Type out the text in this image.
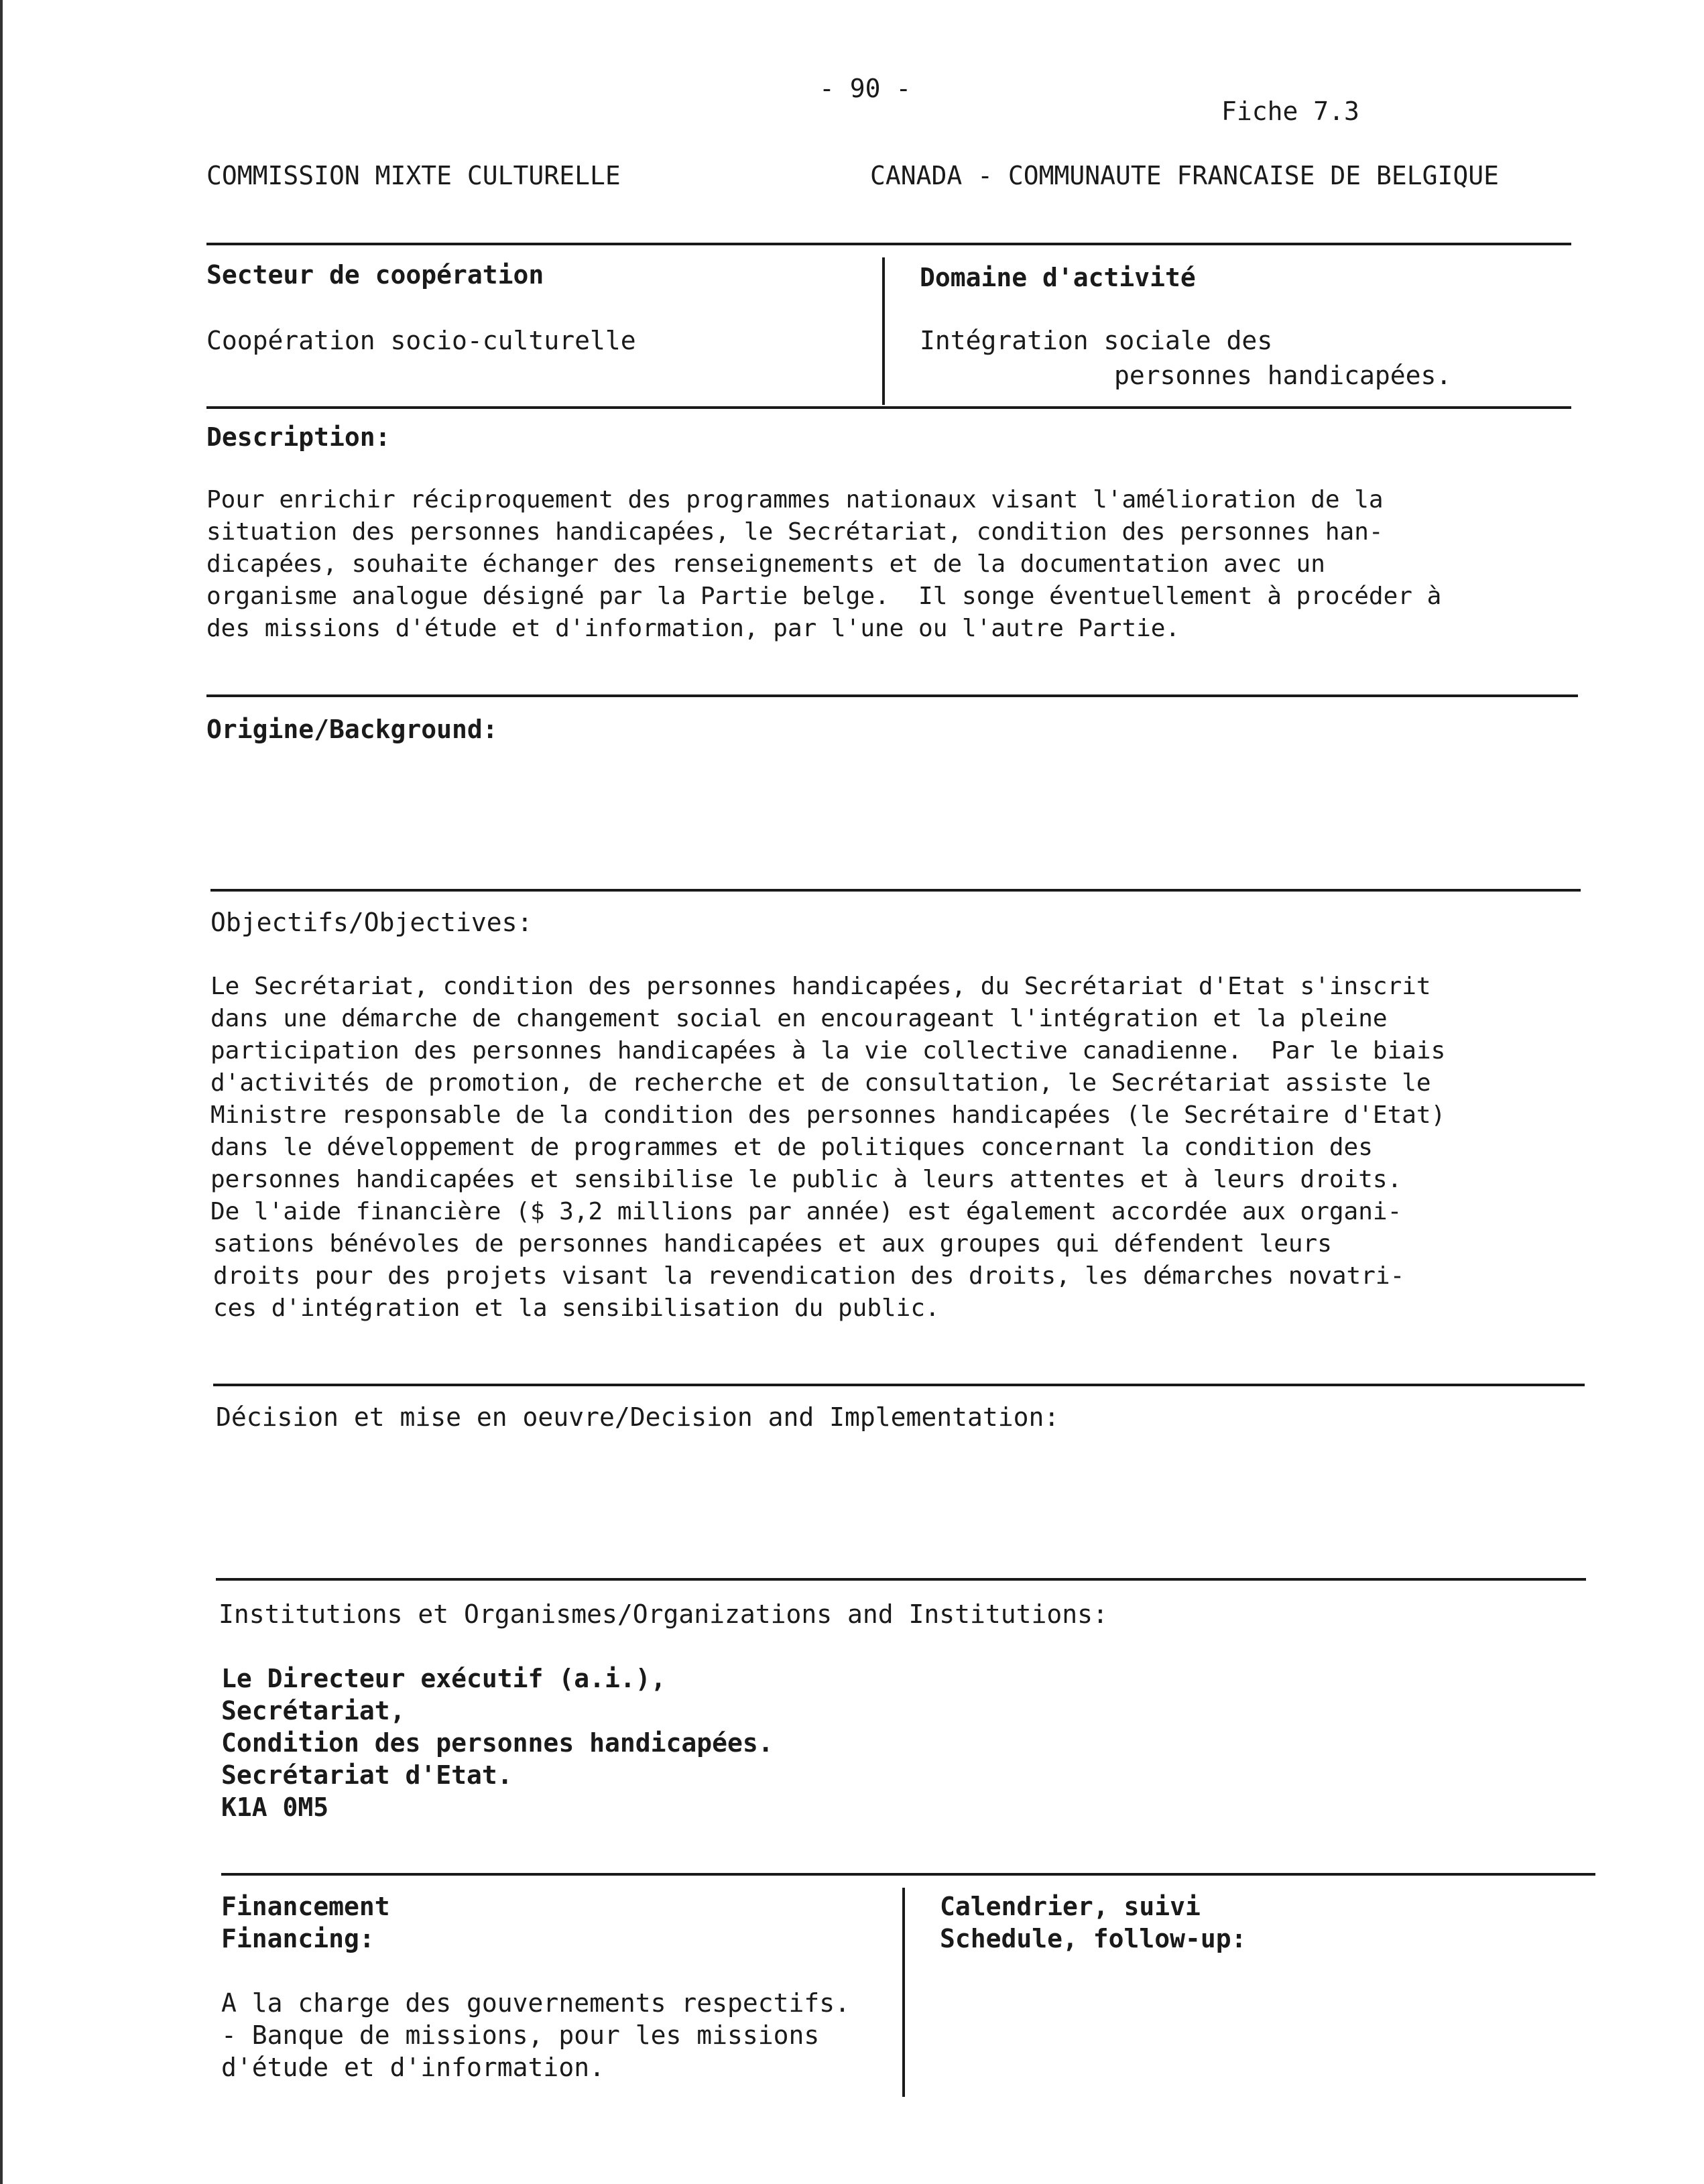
- 90 -
Fiche 7.3
COMMISSION MIXTE CULTURELLE	CANADA - COMMUNAUTE FRANCAISE DE BELGIQUE
Secteur de coopération
Coopération socio-culturelle
Domaine d'activité
Intégration sociale des
personnes handicapées.
Description:
Pour enrichir réciproquement des programmes nationaux visant l'amélioration de la
situation des personnes handicapées, le Secrétariat, condition des personnes han-
dicapées, souhaite échanger des renseignements et de la documentation avec un
organisme analogue désigné par la Partie belge.  Il songe éventuellement à procéder à
des missions d'étude et d'information, par l'une ou l'autre Partie.
Origine/Background:
Objectifs/Objectives:
Le Secrétariat, condition des personnes handicapées, du Secrétariat d'Etat s'inscrit
dans une démarche de changement social en encourageant l'intégration et la pleine
participation des personnes handicapées à la vie collective canadienne.  Par le biais
d'activités de promotion, de recherche et de consultation, le Secrétariat assiste le
Ministre responsable de la condition des personnes handicapées (le Secrétaire d'Etat)
dans le développement de programmes et de politiques concernant la condition des
personnes handicapées et sensibilise le public à leurs attentes et à leurs droits.
De l'aide financière ($ 3,2 millions par année) est également accordée aux organi-
sations bénévoles de personnes handicapées et aux groupes qui défendent leurs
droits pour des projets visant la revendication des droits, les démarches novatri-
ces d'intégration et la sensibilisation du public.
Décision et mise en oeuvre/Decision and Implementation:
Institutions et Organismes/Organizations and Institutions:
Le Directeur exécutif (a.i.),
Secrétariat,
Condition des personnes handicapées.
Secrétariat d'Etat.
K1A 0M5
Financement
Financing:
A la charge des gouvernements respectifs.
- Banque de missions, pour les missions
d'étude et d'information.
Calendrier, suivi
Schedule, follow-up:
